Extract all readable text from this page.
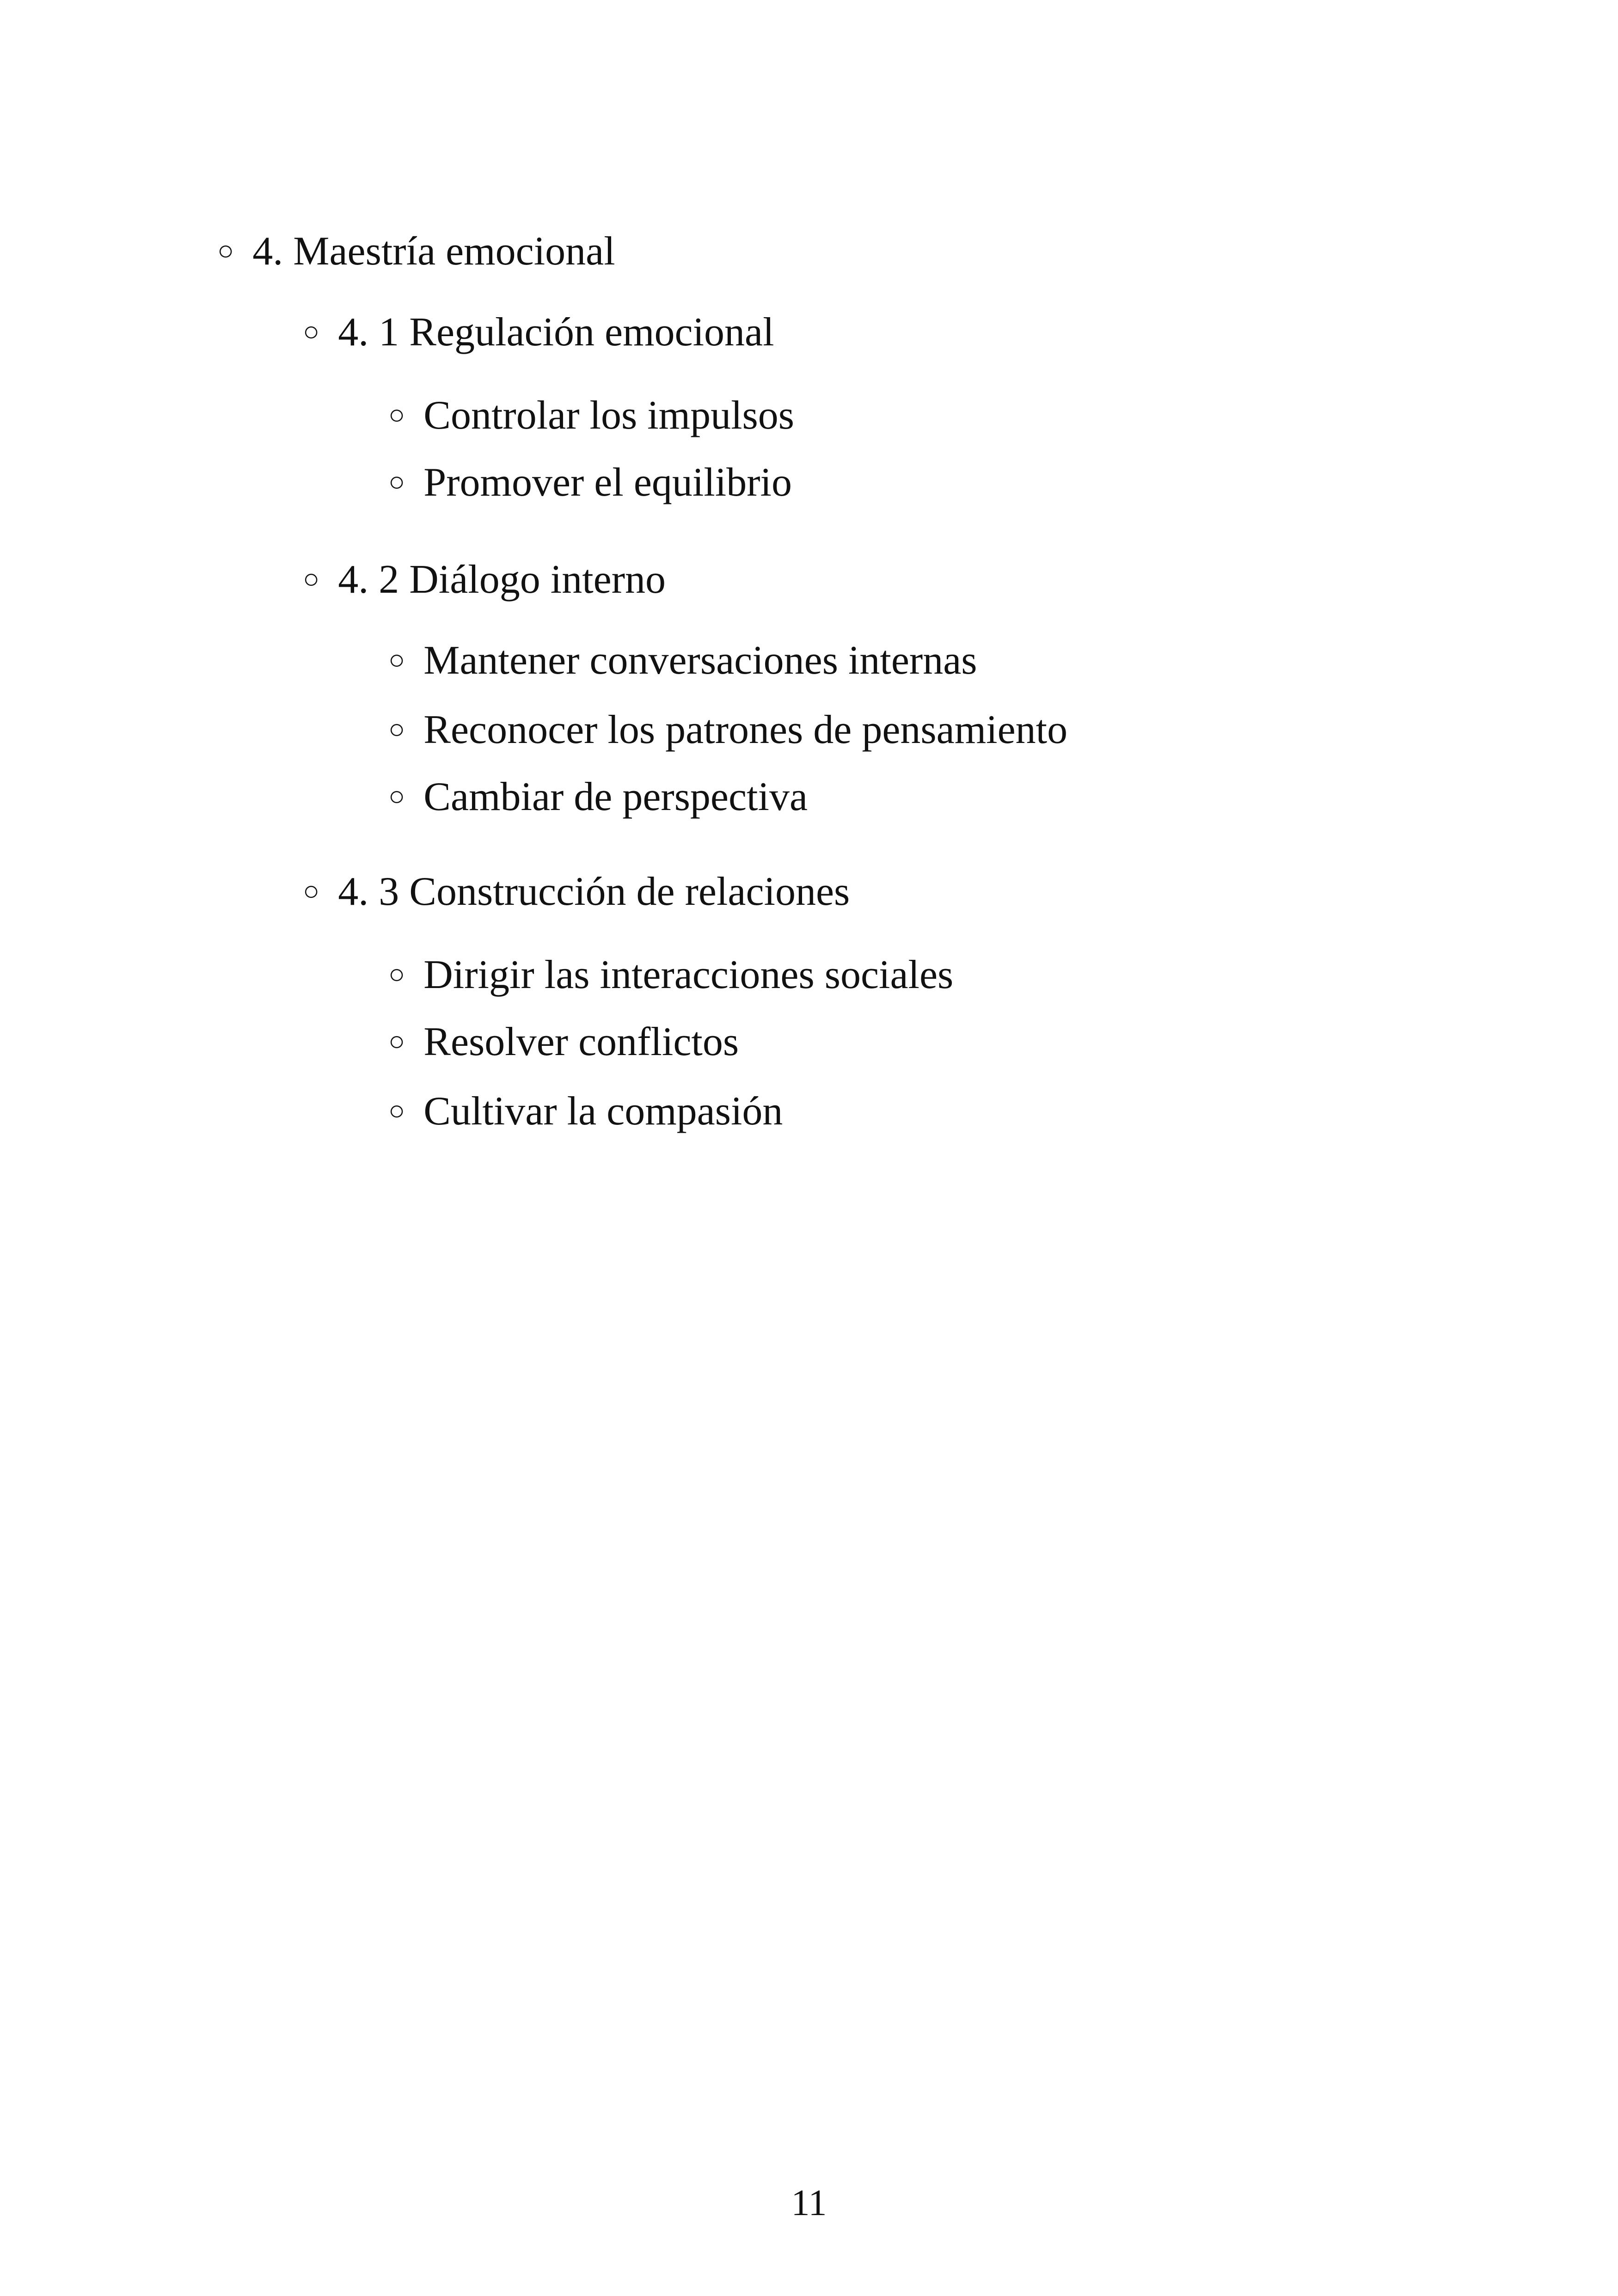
○ 4. Maestría emocional
○ 4. 1 Regulación emocional
○ Controlar los impulsos
○ Promover el equilibrio
○ 4. 2 Diálogo interno
○ Mantener conversaciones internas
○ Reconocer los patrones de pensamiento
○ Cambiar de perspectiva
○ 4. 3 Construcción de relaciones
○ Dirigir las interacciones sociales
○ Resolver conflictos
○ Cultivar la compasión
11
